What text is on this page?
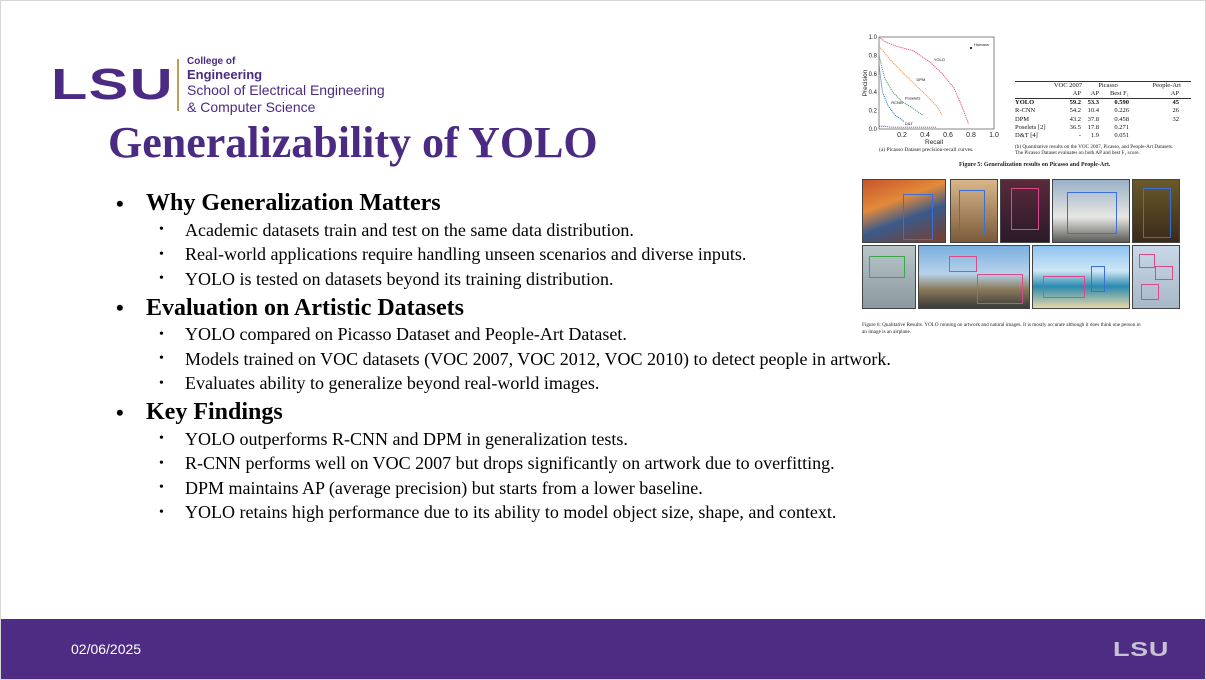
LSU	College of
Engineering
School of Electrical Engineering
& Computer Science
Generalizability of YOLO
• Why Generalization Matters
•	Academic datasets train and test on the same data distribution.
•	Real-world applications require handling unseen scenarios and diverse inputs.
•	YOLO is tested on datasets beyond its training distribution.
• Evaluation on Artistic Datasets
•	YOLO compared on Picasso Dataset and People-Art Dataset.
•	Models trained on VOC datasets (VOC 2007, VOC 2012, VOC 2010) to detect people in artwork.
•	Evaluates ability to generalize beyond real-world images.
• Key Findings
•	YOLO outperforms R-CNN and DPM in generalization tests.
•	R-CNN performs well on VOC 2007 but drops significantly on artwork due to overfitting.
•	DPM maintains AP (average precision) but starts from a lower baseline.
•	YOLO retains high performance due to its ability to model object size, shape, and context.
0.0
0.2
0.4
0.6
0.8
1.0
0.2 0.4 0.6 0.8 1.0
Recall
Precision
Humans
YOLO
DPM
Poselets
RCNN
D&T
(a) Picasso Dataset precision-recall curves.
VOC 2007	Picasso	People-Art
AP	AP	Best F₁	AP
YOLO	59.2	53.3	0.590	45
R-CNN	54.2	10.4	0.226	26
DPM	43.2	37.8	0.458	32
Poselets [2]	36.5	17.8	0.271
D&T [4]	-	1.9	0.051
(b) Quantitative results on the VOC 2007, Picasso, and People-Art Datasets.
The Picasso Dataset evaluates on both AP and best F₁ score.
Figure 5: Generalization results on Picasso and People-Art.
Figure 6: Qualitative Results. YOLO running on artwork and natural images. It is mostly accurate although it does think one person in
an image is an airplane.
02/06/2025	LSU
